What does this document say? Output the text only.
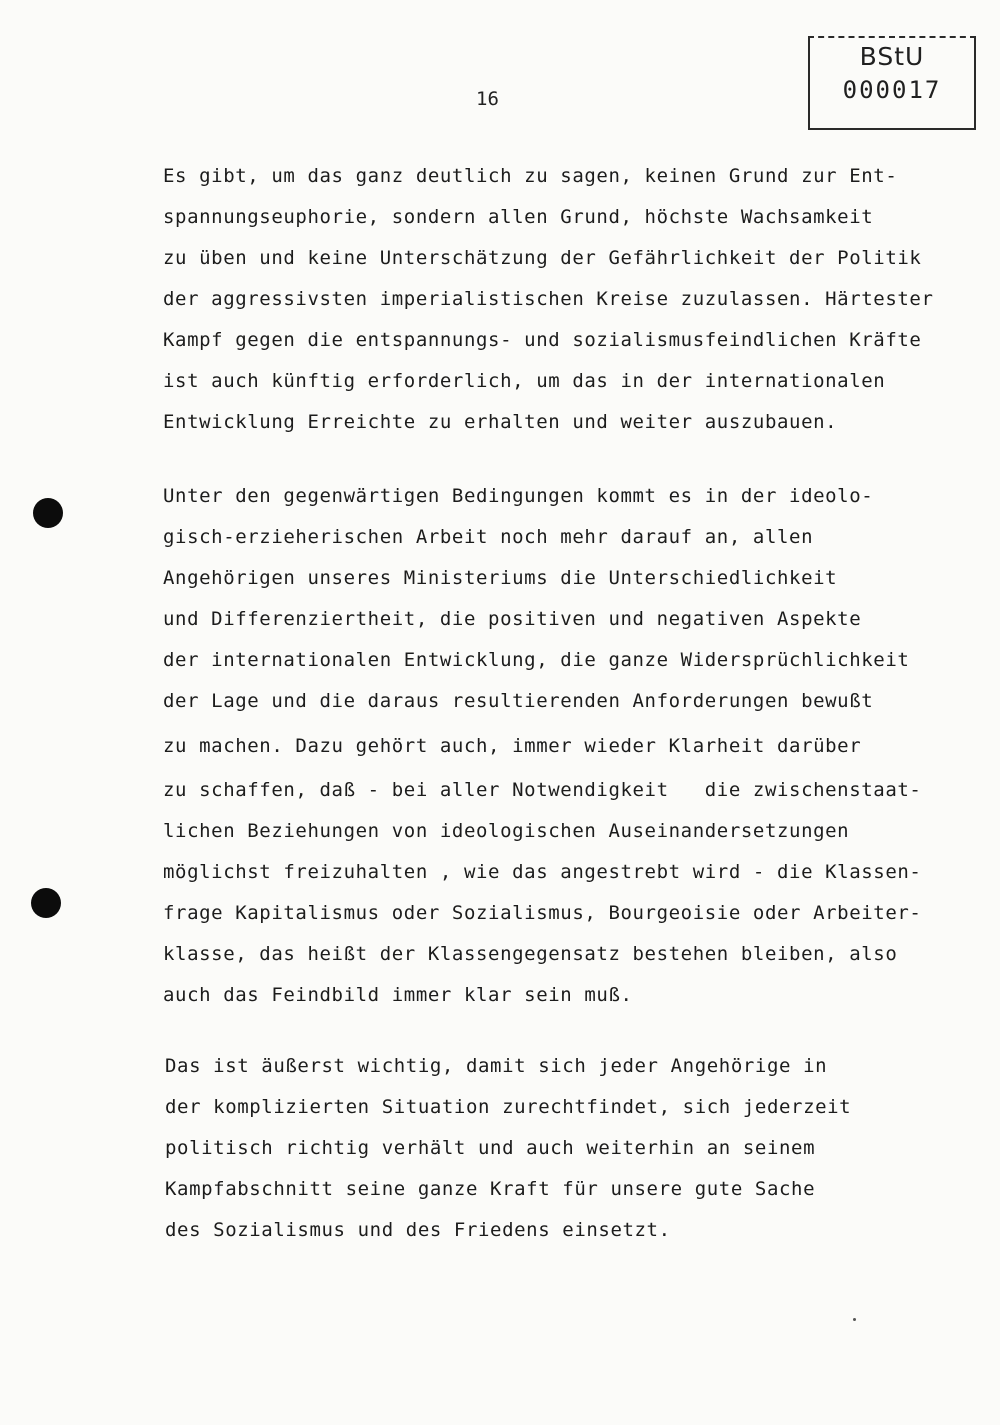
BStU
000017
16
Es gibt, um das ganz deutlich zu sagen, keinen Grund zur Ent-
spannungseuphorie, sondern allen Grund, höchste Wachsamkeit
zu üben und keine Unterschätzung der Gefährlichkeit der Politik
der aggressivsten imperialistischen Kreise zuzulassen. Härtester
Kampf gegen die entspannungs- und sozialismusfeindlichen Kräfte
ist auch künftig erforderlich, um das in der internationalen
Entwicklung Erreichte zu erhalten und weiter auszubauen.
Unter den gegenwärtigen Bedingungen kommt es in der ideolo-
gisch-erzieherischen Arbeit noch mehr darauf an, allen
Angehörigen unseres Ministeriums die Unterschiedlichkeit
und Differenziertheit, die positiven und negativen Aspekte
der internationalen Entwicklung, die ganze Widersprüchlichkeit
der Lage und die daraus resultierenden Anforderungen bewußt
zu machen. Dazu gehört auch, immer wieder Klarheit darüber
zu schaffen, daß - bei aller Notwendigkeit   die zwischenstaat-
lichen Beziehungen von ideologischen Auseinandersetzungen
möglichst freizuhalten , wie das angestrebt wird - die Klassen-
frage Kapitalismus oder Sozialismus, Bourgeoisie oder Arbeiter-
klasse, das heißt der Klassengegensatz bestehen bleiben, also
auch das Feindbild immer klar sein muß.
Das ist äußerst wichtig, damit sich jeder Angehörige in
der komplizierten Situation zurechtfindet, sich jederzeit
politisch richtig verhält und auch weiterhin an seinem
Kampfabschnitt seine ganze Kraft für unsere gute Sache
des Sozialismus und des Friedens einsetzt.
